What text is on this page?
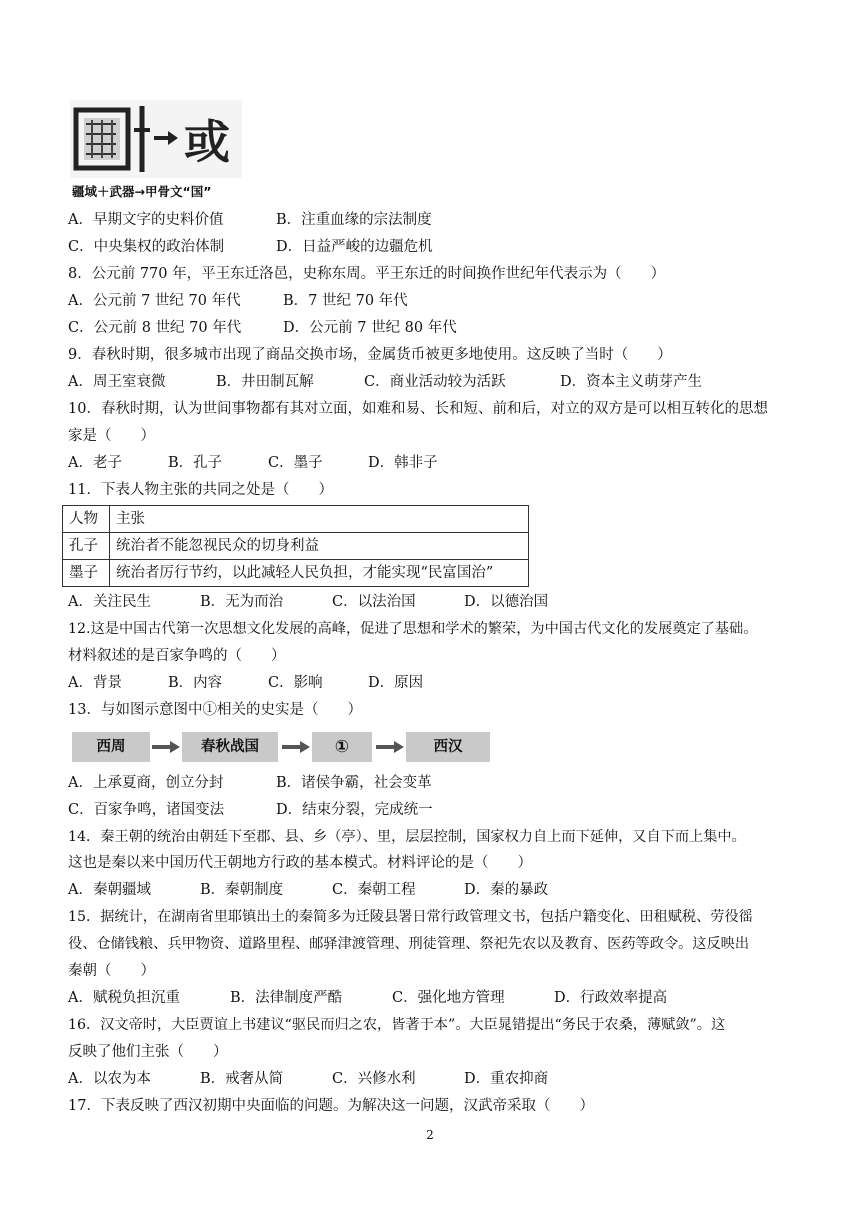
或
疆域＋武器→甲骨文“国”
A．早期文字的史料价值	B．注重血缘的宗法制度
C．中央集权的政治体制	D．日益严峻的边疆危机
8．公元前 770 年，平王东迁洛邑，史称东周。平王东迁的时间换作世纪年代表示为（　　）
A．公元前 7 世纪 70 年代	B．7 世纪 70 年代
C．公元前 8 世纪 70 年代	D．公元前 7 世纪 80 年代
9．春秋时期，很多城市出现了商品交换市场，金属货币被更多地使用。这反映了当时（　　）
A．周王室衰微	B．井田制瓦解	C．商业活动较为活跃	D．资本主义萌芽产生
10．春秋时期，认为世间事物都有其对立面，如难和易、长和短、前和后，对立的双方是可以相互转化的思想
家是（　　）
A．老子	B．孔子	C．墨子	D．韩非子
11．下表人物主张的共同之处是（　　）
人物	主张
孔子	统治者不能忽视民众的切身利益
墨子	统治者厉行节约，以此减轻人民负担，才能实现“民富国治”
A．关注民生	B．无为而治	C．以法治国	D．以德治国
12.这是中国古代第一次思想文化发展的高峰，促进了思想和学术的繁荣，为中国古代文化的发展奠定了基础。
材料叙述的是百家争鸣的（　　）
A．背景	B．内容	C．影响	D．原因
13．与如图示意图中①相关的史实是（　　）
西周	春秋战国	①	西汉
A．上承夏商，创立分封	B．诸侯争霸，社会变革
C．百家争鸣，诸国变法	D．结束分裂，完成统一
14．秦王朝的统治由朝廷下至郡、县、乡（亭）、里，层层控制，国家权力自上而下延伸，又自下而上集中。
这也是秦以来中国历代王朝地方行政的基本模式。材料评论的是（　　）
A．秦朝疆域	B．秦朝制度	C．秦朝工程	D．秦的暴政
15．据统计，在湖南省里耶镇出土的秦简多为迁陵县署日常行政管理文书，包括户籍变化、田租赋税、劳役徭
役、仓储钱粮、兵甲物资、道路里程、邮驿津渡管理、刑徒管理、祭祀先农以及教育、医药等政令。这反映出
秦朝（　　）
A．赋税负担沉重	B．法律制度严酷	C．强化地方管理	D．行政效率提高
16．汉文帝时，大臣贾谊上书建议“驱民而归之农，皆著于本”。大臣晁错提出“务民于农桑，薄赋敛”。这
反映了他们主张（　　）
A．以农为本	B．戒奢从简	C．兴修水利	D．重农抑商
17．下表反映了西汉初期中央面临的问题。为解决这一问题，汉武帝采取（　　）
2
